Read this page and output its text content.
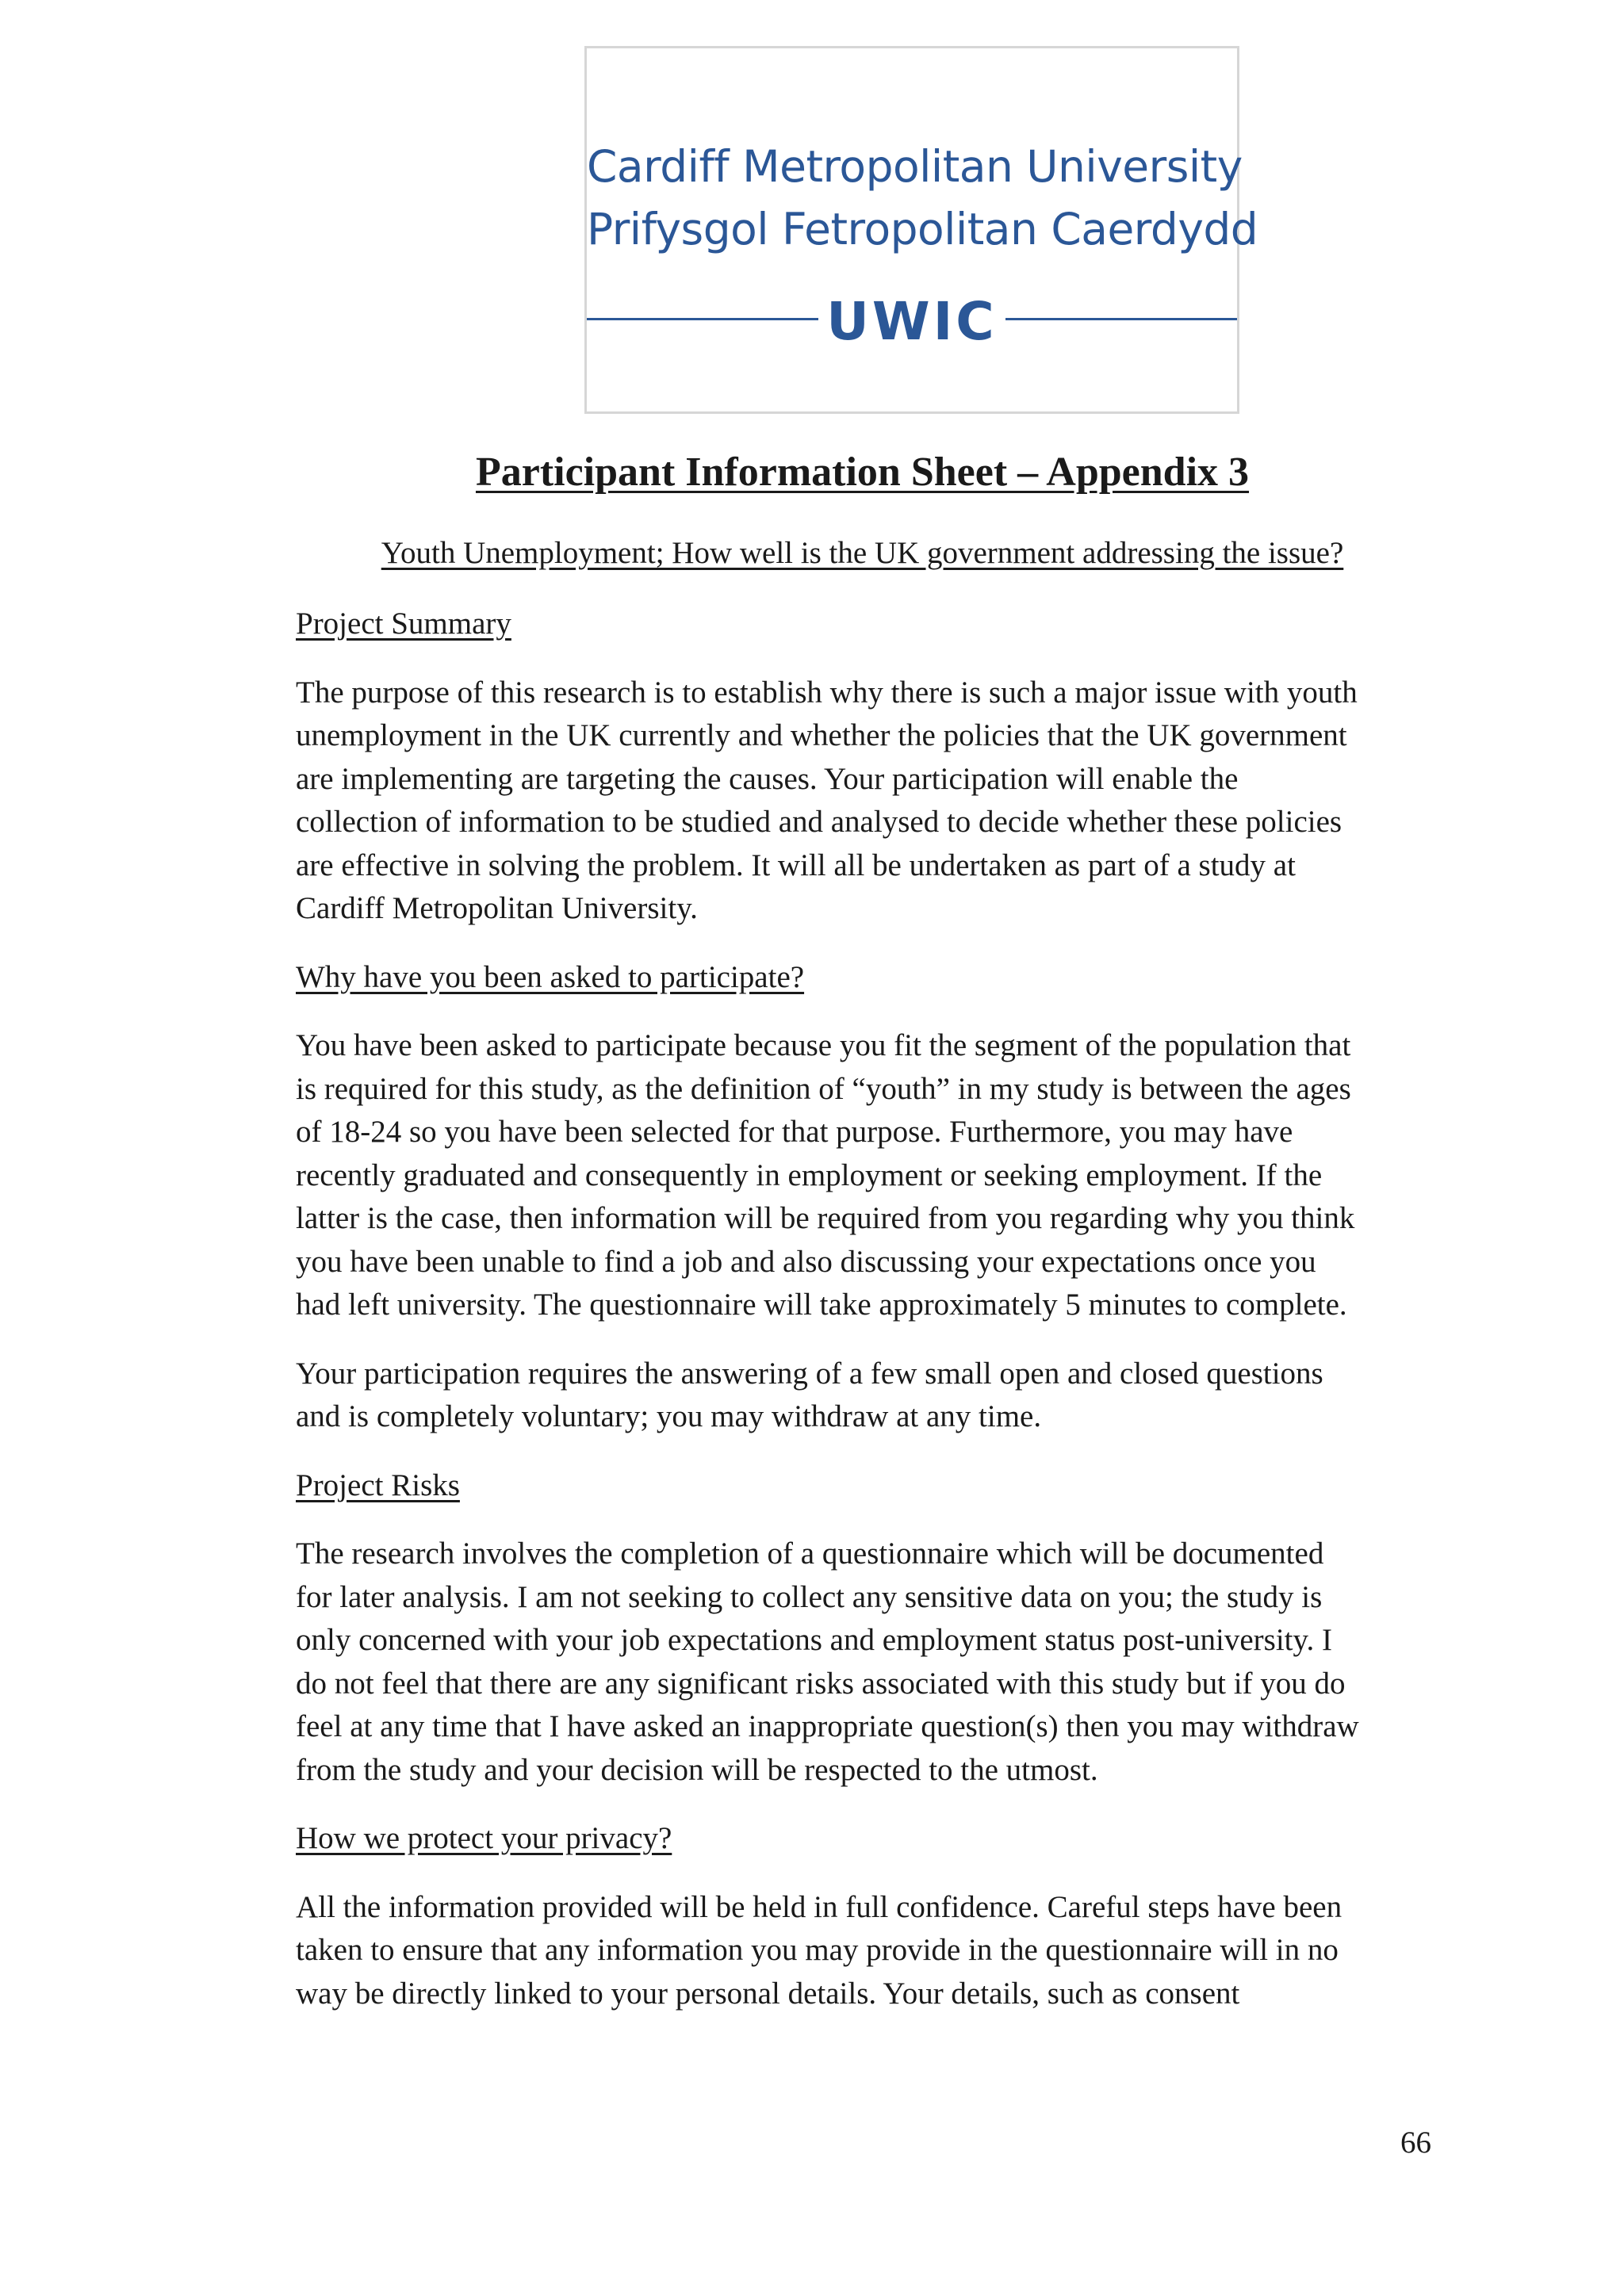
Cardiff Metropolitan University
Prifysgol Fetropolitan Caerdydd
UWIC
Participant Information Sheet – Appendix 3
Youth Unemployment; How well is the UK government addressing the issue?
Project Summary
The purpose of this research is to establish why there is such a major issue with youth
unemployment in the UK currently and whether the policies that the UK government
are implementing are targeting the causes. Your participation will enable the
collection of information to be studied and analysed to decide whether these policies
are effective in solving the problem. It will all be undertaken as part of a study at
Cardiff Metropolitan University.
Why have you been asked to participate?
You have been asked to participate because you fit the segment of the population that
is required for this study, as the definition of “youth” in my study is between the ages
of 18-24 so you have been selected for that purpose. Furthermore, you may have
recently graduated and consequently in employment or seeking employment. If the
latter is the case, then information will be required from you regarding why you think
you have been unable to find a job and also discussing your expectations once you
had left university. The questionnaire will take approximately 5 minutes to complete.
Your participation requires the answering of a few small open and closed questions
and is completely voluntary; you may withdraw at any time.
Project Risks
The research involves the completion of a questionnaire which will be documented
for later analysis. I am not seeking to collect any sensitive data on you; the study is
only concerned with your job expectations and employment status post-university. I
do not feel that there are any significant risks associated with this study but if you do
feel at any time that I have asked an inappropriate question(s) then you may withdraw
from the study and your decision will be respected to the utmost.
How we protect your privacy?
All the information provided will be held in full confidence. Careful steps have been
taken to ensure that any information you may provide in the questionnaire will in no
way be directly linked to your personal details. Your details, such as consent
66
